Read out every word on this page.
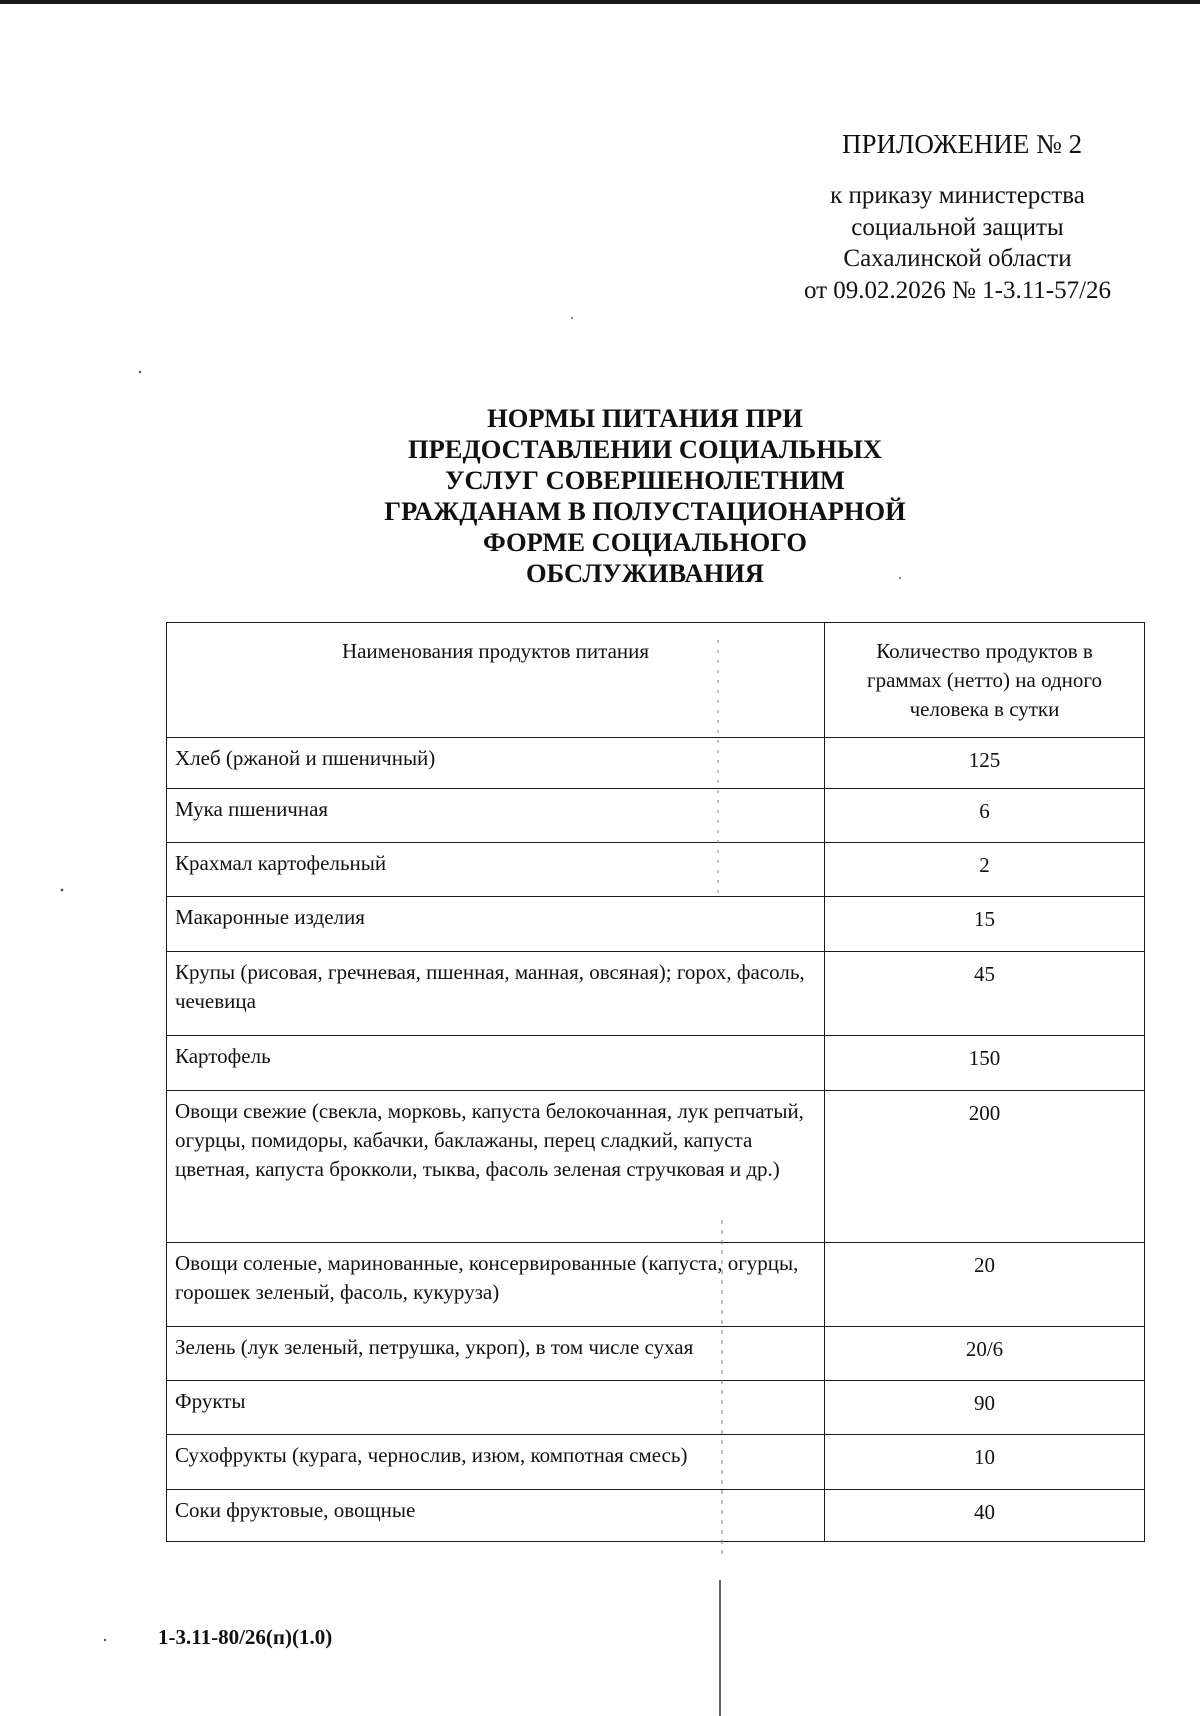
ПРИЛОЖЕНИЕ № 2
к приказу министерства
социальной защиты
Сахалинской области
от 09.02.2026 № 1-3.11-57/26
НОРМЫ ПИТАНИЯ ПРИ
ПРЕДОСТАВЛЕНИИ СОЦИАЛЬНЫХ
УСЛУГ СОВЕРШЕНОЛЕТНИМ
ГРАЖДАНАМ В ПОЛУСТАЦИОНАРНОЙ
ФОРМЕ СОЦИАЛЬНОГО
ОБСЛУЖИВАНИЯ
Наименования продуктов питания	Количество продуктов в граммах (нетто) на одного человека в сутки
Хлеб (ржаной и пшеничный)	125
Мука пшеничная	6
Крахмал картофельный	2
Макаронные изделия	15
Крупы (рисовая, гречневая, пшенная, манная, овсяная); горох, фасоль, чечевица	45
Картофель	150
Овощи свежие (свекла, морковь, капуста белокочанная, лук репчатый, огурцы, помидоры, кабачки, баклажаны, перец сладкий, капуста цветная, капуста брокколи, тыква, фасоль зеленая стручковая и др.)	200
Овощи соленые, маринованные, консервированные (капуста, огурцы, горошек зеленый, фасоль, кукуруза)	20
Зелень (лук зеленый, петрушка, укроп), в том числе сухая	20/6
Фрукты	90
Сухофрукты (курага, чернослив, изюм, компотная смесь)	10
Соки фруктовые, овощные	40
1-3.11-80/26(п)(1.0)
